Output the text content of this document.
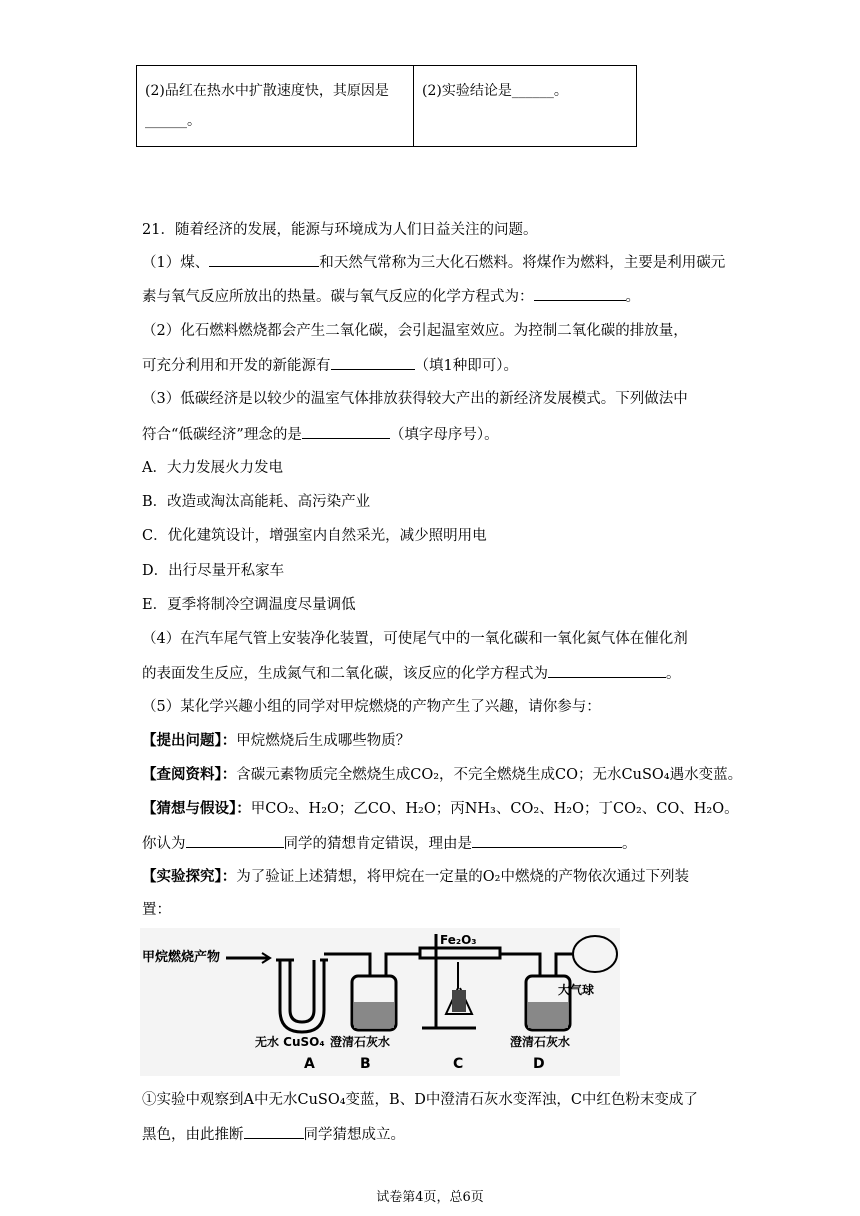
(2)品红在热水中扩散速度快，其原因是
______。	(2)实验结论是______。
21．随着经济的发展，能源与环境成为人们日益关注的问题。
（1）煤、	和天然气常称为三大化石燃料。将煤作为燃料，主要是利用碳元
素与氧气反应所放出的热量。碳与氧气反应的化学方程式为：	。
（2）化石燃料燃烧都会产生二氧化碳，会引起温室效应。为控制二氧化碳的排放量，
可充分利用和开发的新能源有	（填1种即可）。
（3）低碳经济是以较少的温室气体排放获得较大产出的新经济发展模式。下列做法中
符合“低碳经济”理念的是	（填字母序号）。
A．大力发展火力发电
B．改造或淘汰高能耗、高污染产业
C．优化建筑设计，增强室内自然采光，减少照明用电
D．出行尽量开私家车
E．夏季将制冷空调温度尽量调低
（4）在汽车尾气管上安装净化装置，可使尾气中的一氧化碳和一氧化氮气体在催化剂
的表面发生反应，生成氮气和二氧化碳，该反应的化学方程式为	。
（5）某化学兴趣小组的同学对甲烷燃烧的产物产生了兴趣，请你参与：
【提出问题】：甲烷燃烧后生成哪些物质？
【查阅资料】：含碳元素物质完全燃烧生成CO₂，不完全燃烧生成CO；无水CuSO₄遇水变蓝。
【猜想与假设】：甲CO₂、H₂O；乙CO、H₂O；丙NH₃、CO₂、H₂O；丁CO₂、CO、H₂O。
你认为	同学的猜想肯定错误，理由是	。
【实验探究】：为了验证上述猜想，将甲烷在一定量的O₂中燃烧的产物依次通过下列装
置：
甲烷燃烧产物
Fe₂O₃
大气球
无水 CuSO₄ 澄清石灰水	澄清石灰水
A	B	C	D
①实验中观察到A中无水CuSO₄变蓝，B、D中澄清石灰水变浑浊，C中红色粉末变成了
黑色，由此推断	同学猜想成立。
试卷第4页，总6页
